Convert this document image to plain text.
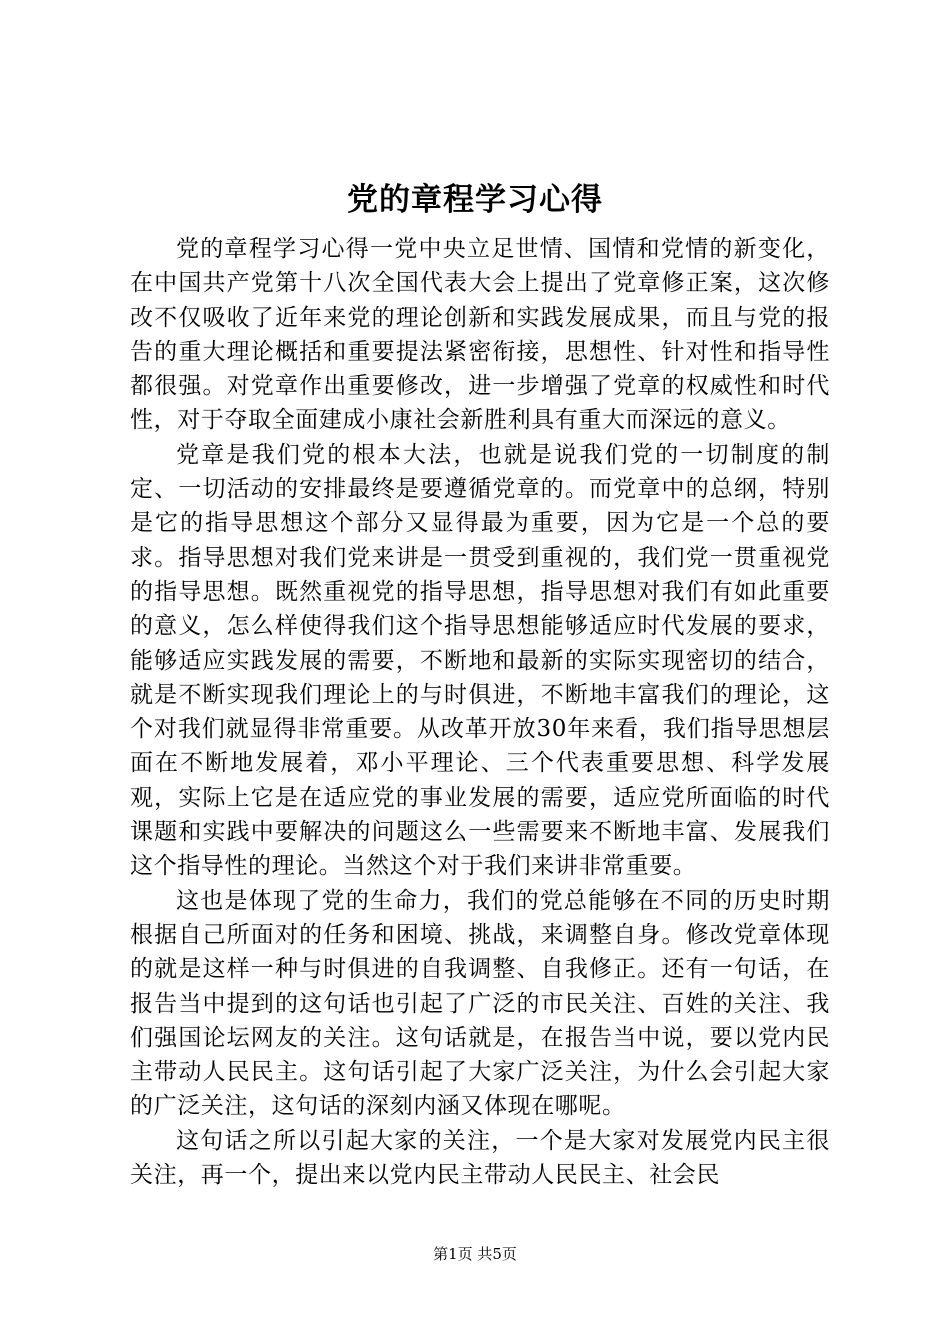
党的章程学习心得

党的章程学习心得一党中央立足世情、国情和党情的新变化，在中国共产党第十八次全国代表大会上提出了党章修正案，这次修改不仅吸收了近年来党的理论创新和实践发展成果，而且与党的报告的重大理论概括和重要提法紧密衔接，思想性、针对性和指导性都很强。对党章作出重要修改，进一步增强了党章的权威性和时代性，对于夺取全面建成小康社会新胜利具有重大而深远的意义。

党章是我们党的根本大法，也就是说我们党的一切制度的制定、一切活动的安排最终是要遵循党章的。而党章中的总纲，特别是它的指导思想这个部分又显得最为重要，因为它是一个总的要求。指导思想对我们党来讲是一贯受到重视的，我们党一贯重视党的指导思想。既然重视党的指导思想，指导思想对我们有如此重要的意义，怎么样使得我们这个指导思想能够适应时代发展的要求，能够适应实践发展的需要，不断地和最新的实际实现密切的结合，就是不断实现我们理论上的与时俱进，不断地丰富我们的理论，这个对我们就显得非常重要。从改革开放30年来看，我们指导思想层面在不断地发展着，邓小平理论、三个代表重要思想、科学发展观，实际上它是在适应党的事业发展的需要，适应党所面临的时代课题和实践中要解决的问题这么一些需要来不断地丰富、发展我们这个指导性的理论。当然这个对于我们来讲非常重要。

这也是体现了党的生命力，我们的党总能够在不同的历史时期根据自己所面对的任务和困境、挑战，来调整自身。修改党章体现的就是这样一种与时俱进的自我调整、自我修正。还有一句话，在报告当中提到的这句话也引起了广泛的市民关注、百姓的关注、我们强国论坛网友的关注。这句话就是，在报告当中说，要以党内民主带动人民民主。这句话引起了大家广泛关注，为什么会引起大家的广泛关注，这句话的深刻内涵又体现在哪呢。

这句话之所以引起大家的关注，一个是大家对发展党内民主很关注，再一个，提出来以党内民主带动人民民主、社会民

第1页 共5页
